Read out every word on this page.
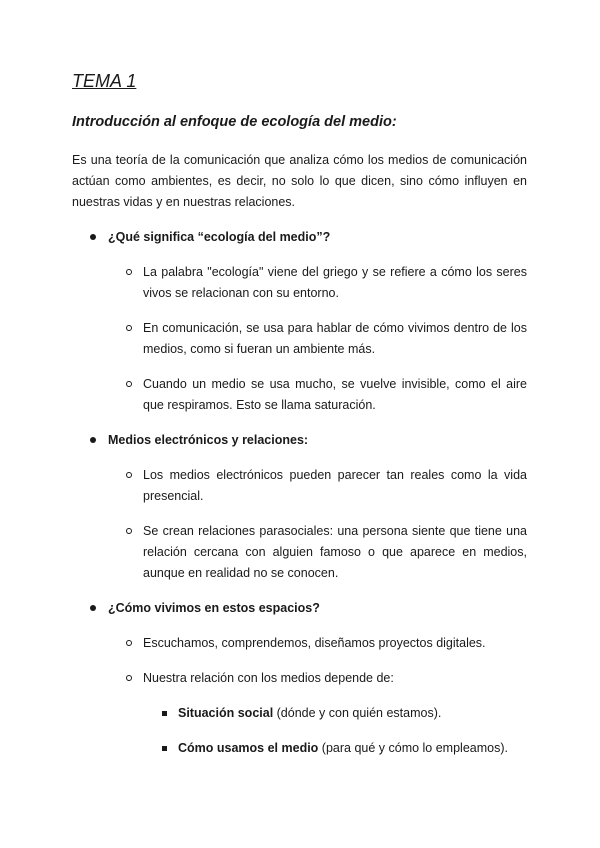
TEMA 1
Introducción al enfoque de ecología del medio:

Es una teoría de la comunicación que analiza cómo los medios de comunicación actúan como ambientes, es decir, no solo lo que dicen, sino cómo influyen en nuestras vidas y en nuestras relaciones.

¿Qué significa “ecología del medio”?
La palabra "ecología" viene del griego y se refiere a cómo los seres vivos se relacionan con su entorno.
En comunicación, se usa para hablar de cómo vivimos dentro de los medios, como si fueran un ambiente más.
Cuando un medio se usa mucho, se vuelve invisible, como el aire que respiramos. Esto se llama saturación.
Medios electrónicos y relaciones:
Los medios electrónicos pueden parecer tan reales como la vida presencial.
Se crean relaciones parasociales: una persona siente que tiene una relación cercana con alguien famoso o que aparece en medios, aunque en realidad no se conocen.
¿Cómo vivimos en estos espacios?
Escuchamos, comprendemos, diseñamos proyectos digitales.
Nuestra relación con los medios depende de:
Situación social (dónde y con quién estamos).
Cómo usamos el medio (para qué y cómo lo empleamos).
